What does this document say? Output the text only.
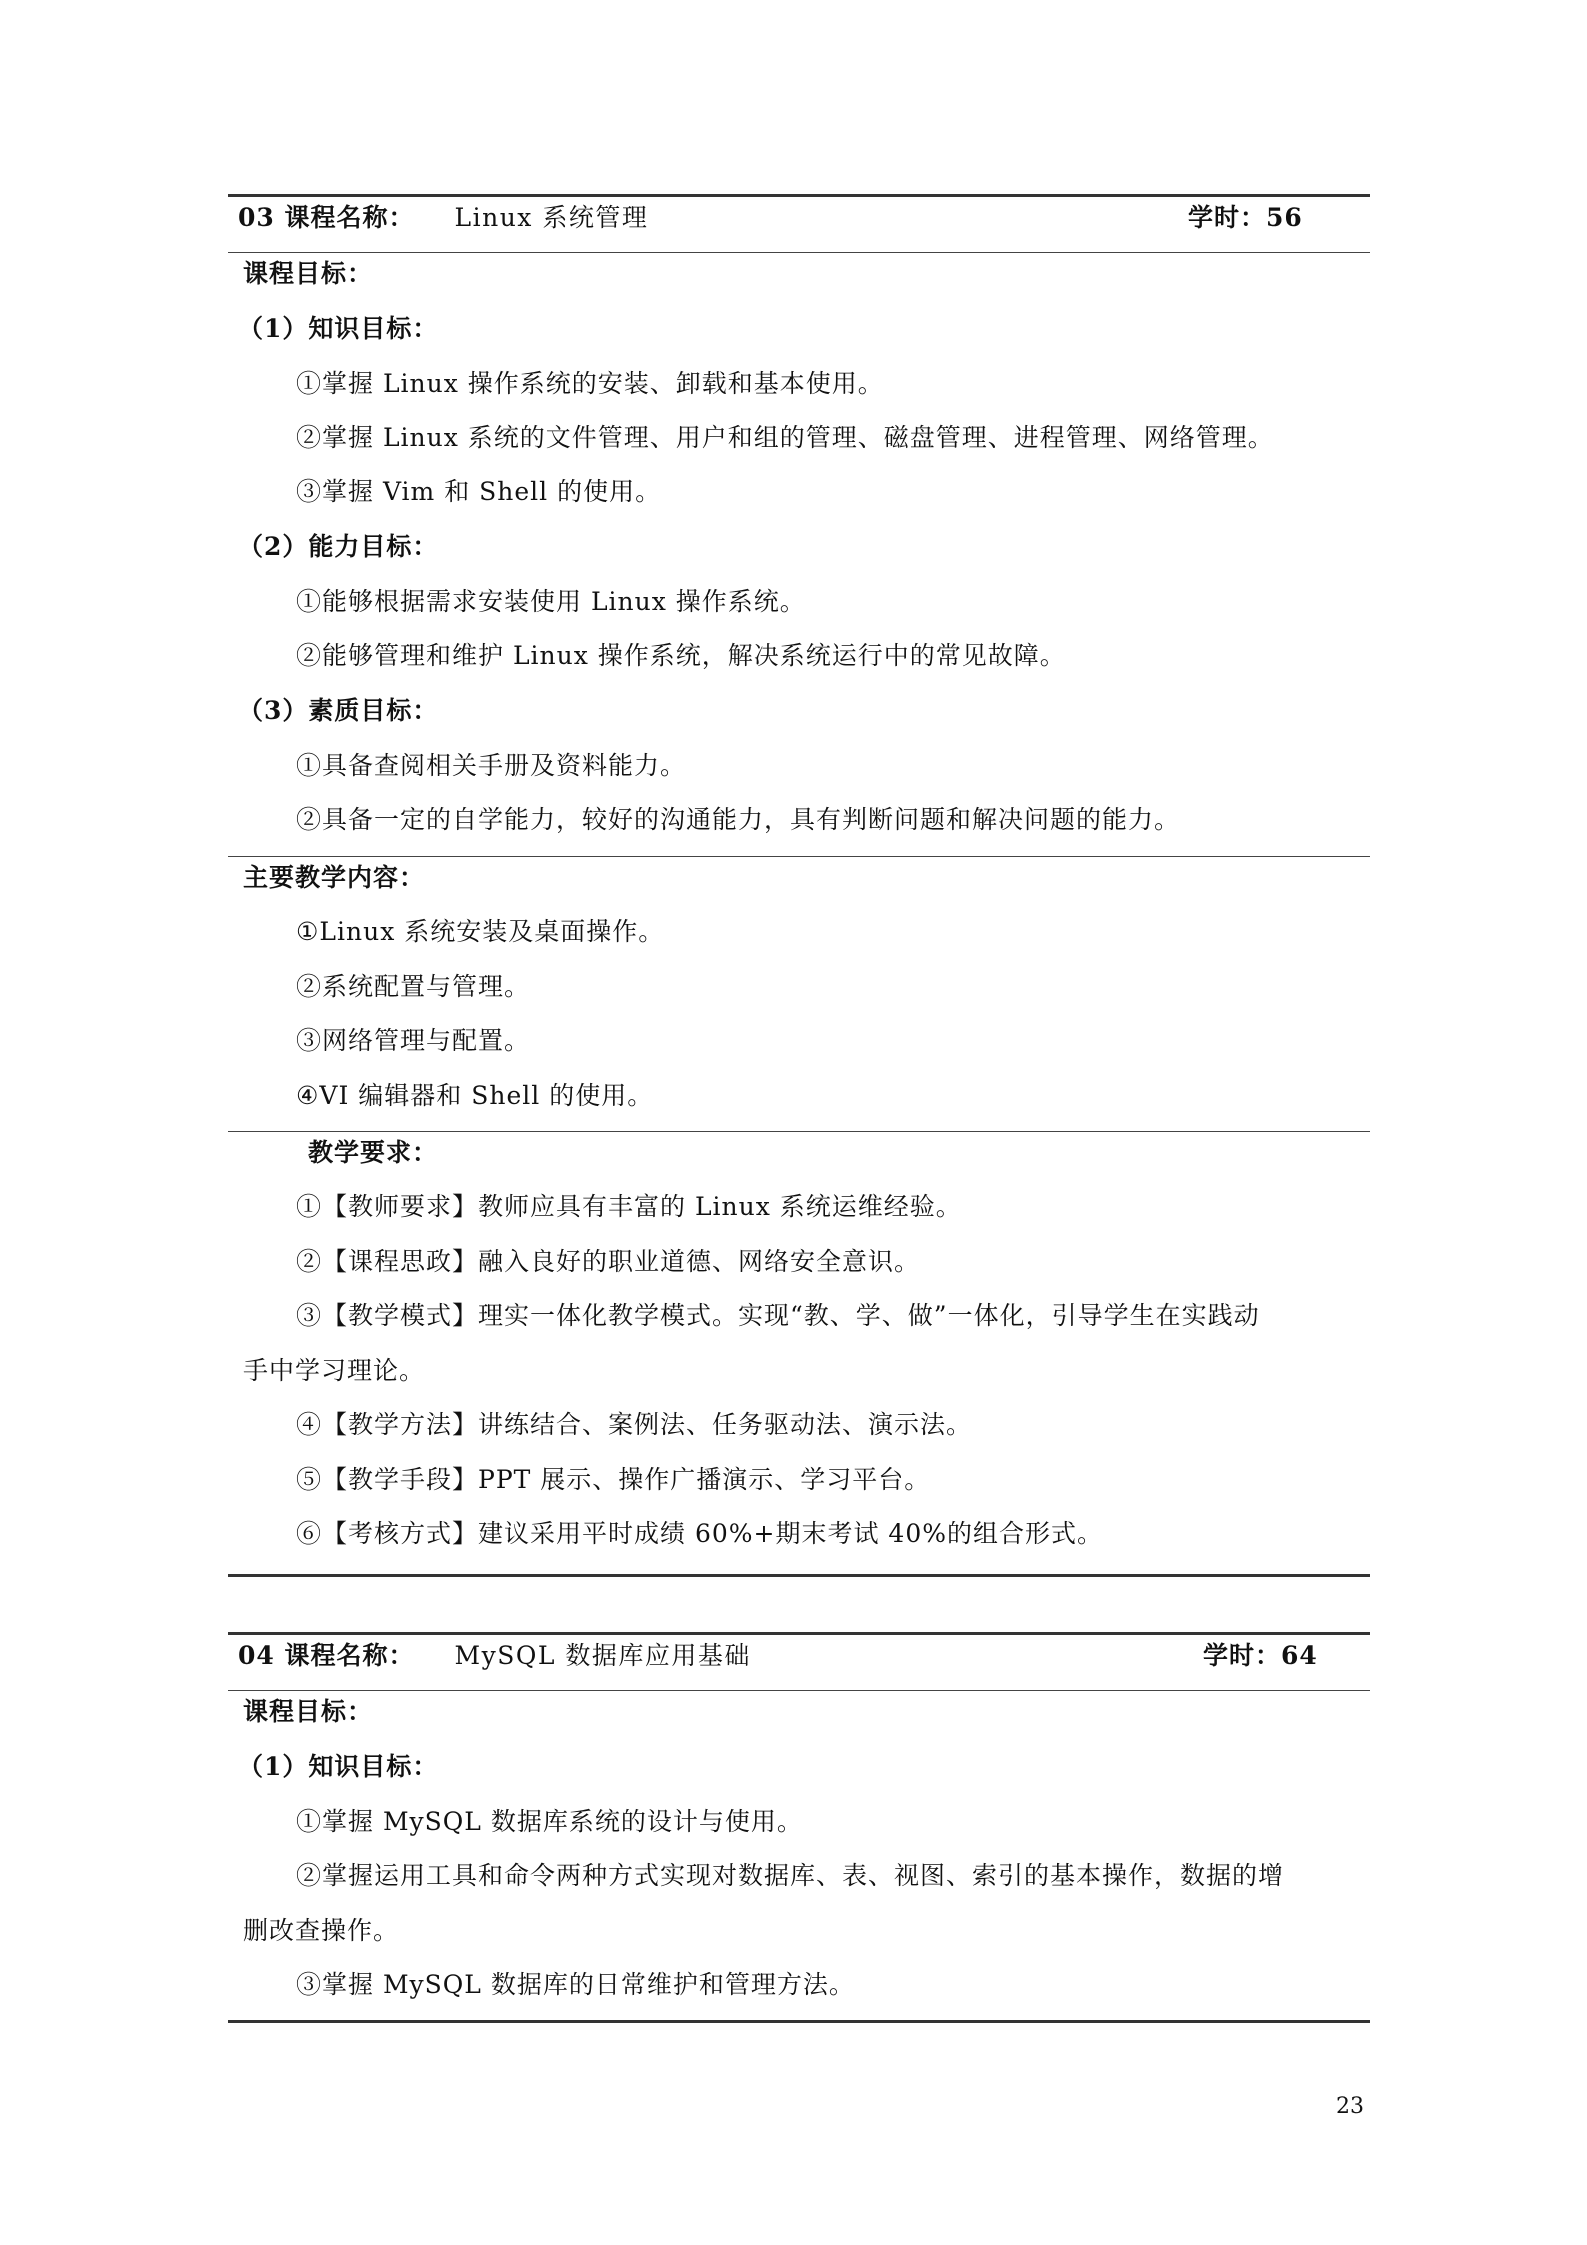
03 课程名称： Linux 系统管理	学时：56
课程目标：
（1）知识目标：
①掌握 Linux 操作系统的安装、卸载和基本使用。
②掌握 Linux 系统的文件管理、用户和组的管理、磁盘管理、进程管理、网络管理。
③掌握 Vim 和 Shell 的使用。
（2）能力目标：
①能够根据需求安装使用 Linux 操作系统。
②能够管理和维护 Linux 操作系统，解决系统运行中的常见故障。
（3）素质目标：
①具备查阅相关手册及资料能力。
②具备一定的自学能力，较好的沟通能力，具有判断问题和解决问题的能力。
主要教学内容：
①Linux 系统安装及桌面操作。
②系统配置与管理。
③网络管理与配置。
④VI 编辑器和 Shell 的使用。
教学要求：
①【教师要求】教师应具有丰富的 Linux 系统运维经验。
②【课程思政】融入良好的职业道德、网络安全意识。
③【教学模式】理实一体化教学模式。实现“教、学、做”一体化，引导学生在实践动
手中学习理论。
④【教学方法】讲练结合、案例法、任务驱动法、演示法。
⑤【教学手段】PPT 展示、操作广播演示、学习平台。
⑥【考核方式】建议采用平时成绩 60%+期末考试 40%的组合形式。
04 课程名称： MySQL 数据库应用基础	学时：64
课程目标：
（1）知识目标：
①掌握 MySQL 数据库系统的设计与使用。
②掌握运用工具和命令两种方式实现对数据库、表、视图、索引的基本操作，数据的增
删改查操作。
③掌握 MySQL 数据库的日常维护和管理方法。
23
